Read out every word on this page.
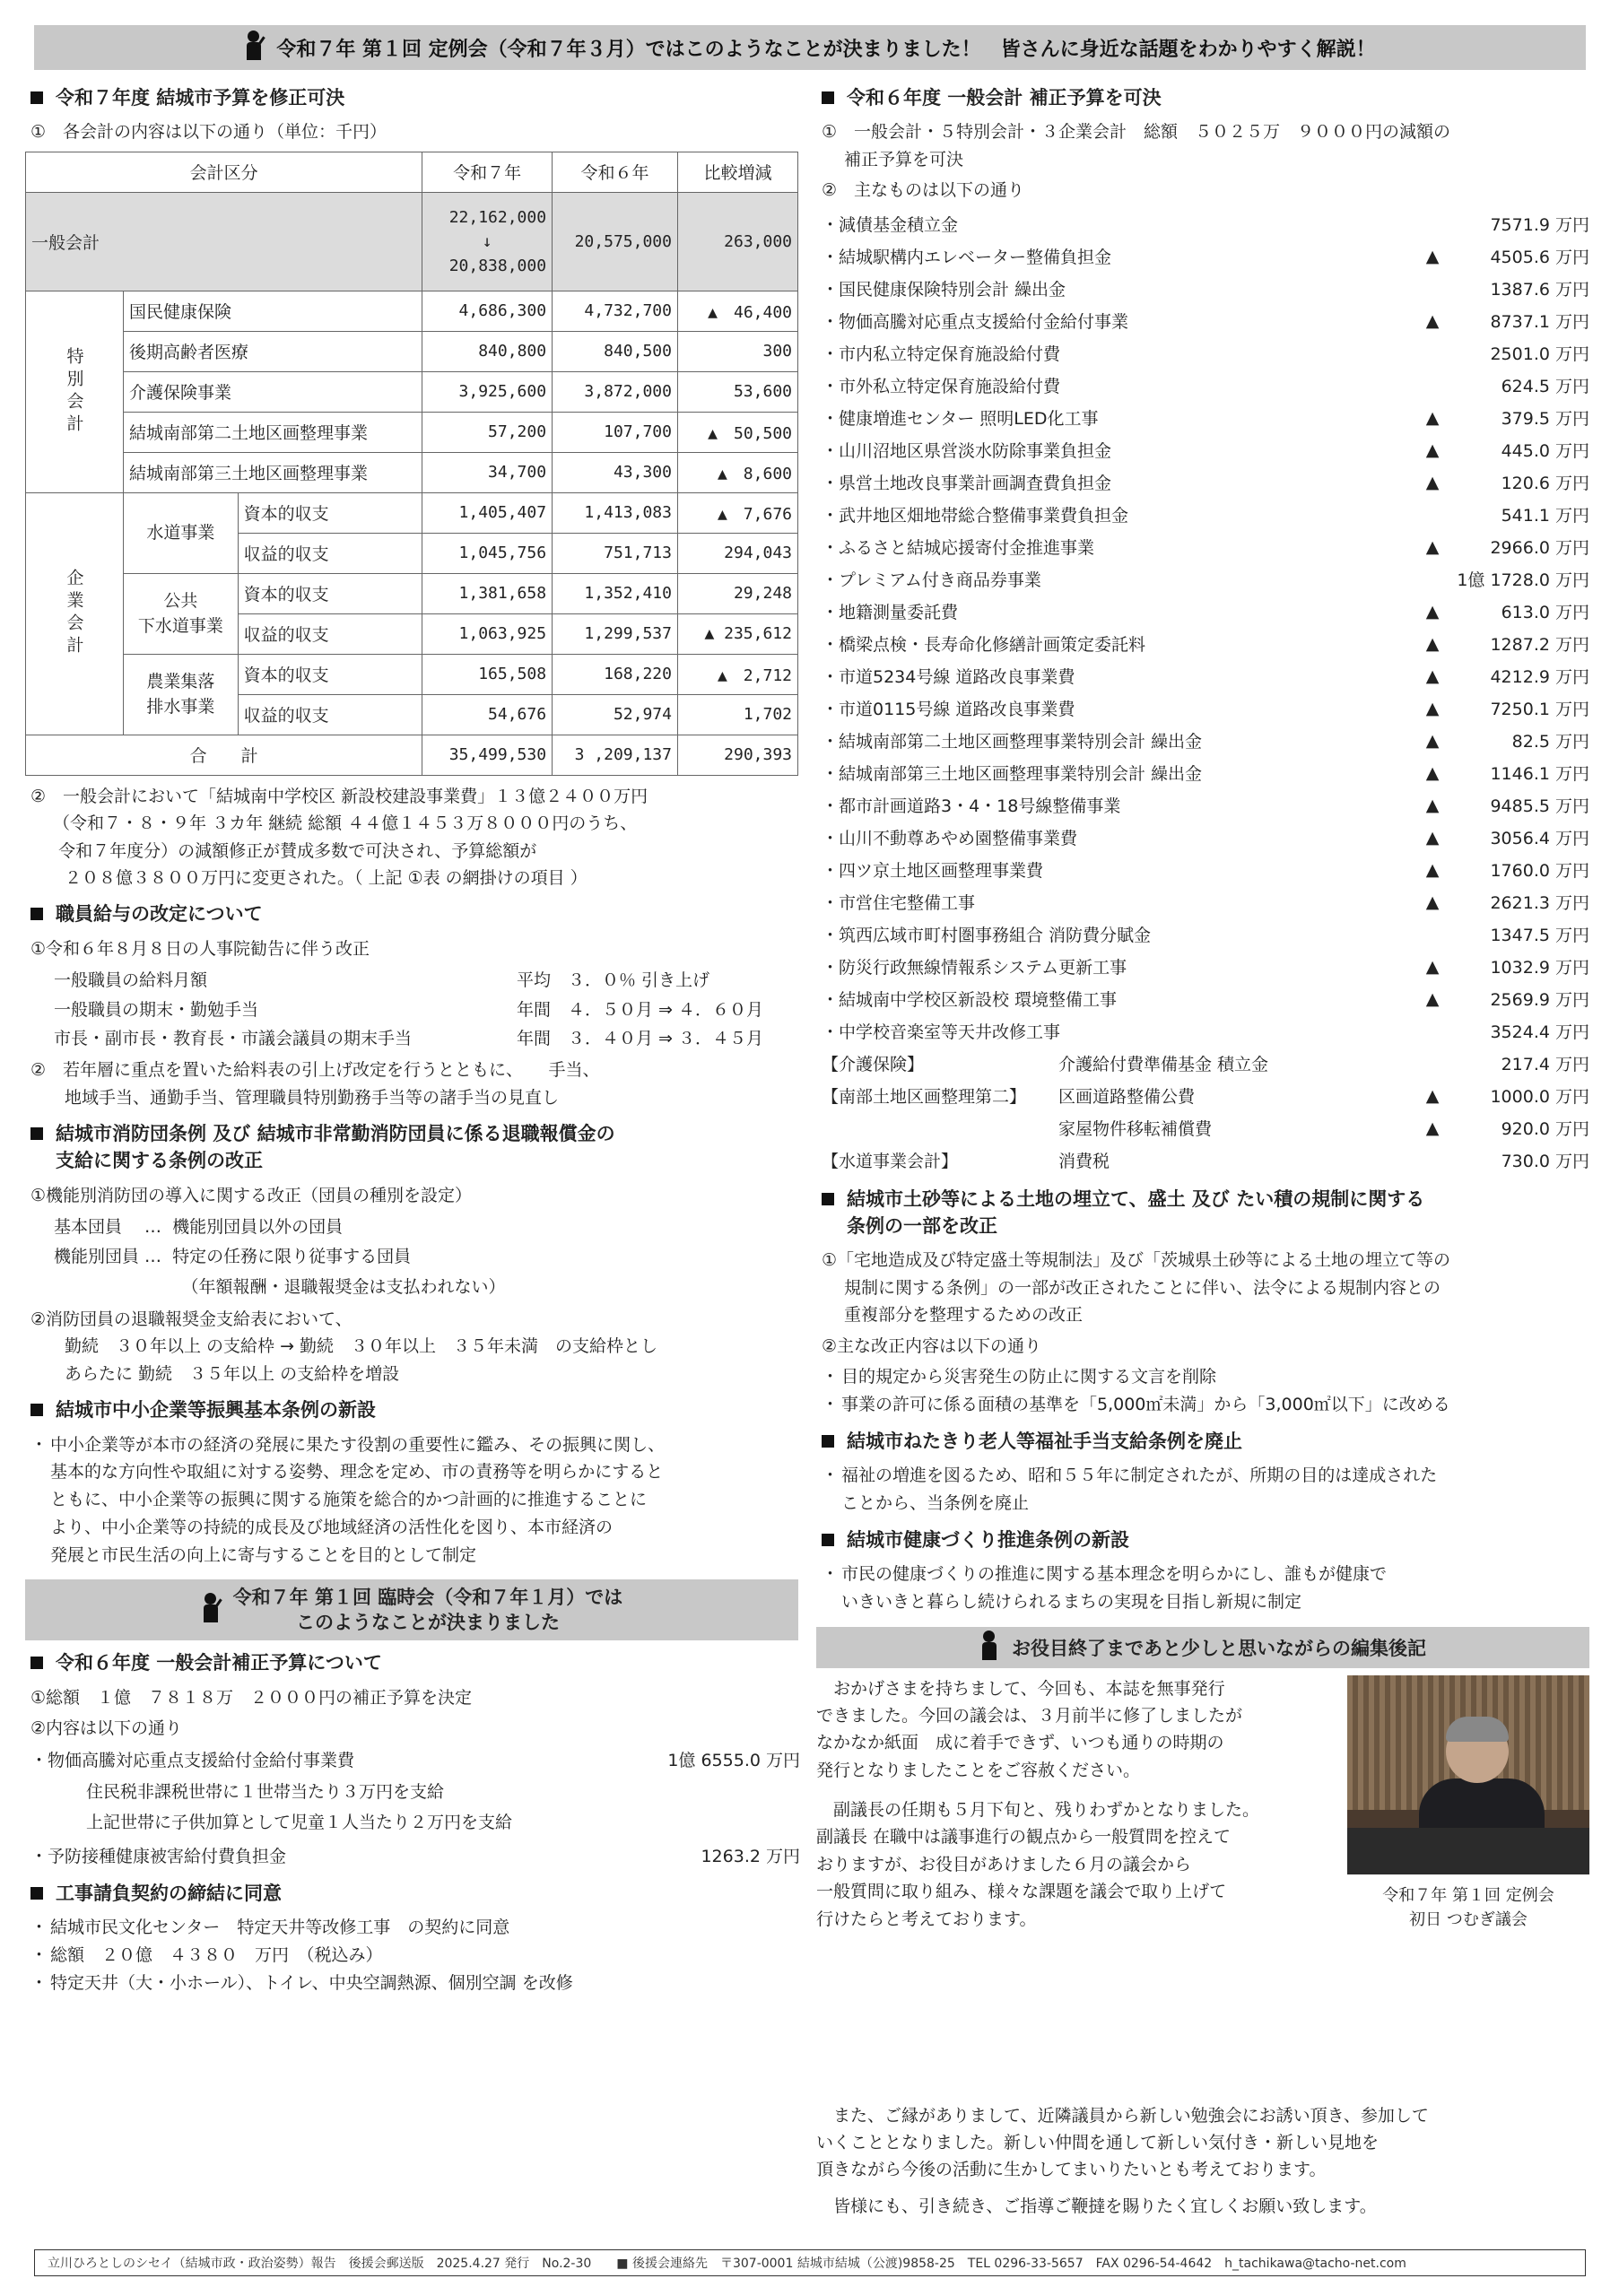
令和７年 第１回 定例会（令和７年３月）ではこのようなことが決まりました！　皆さんに身近な話題をわかりやすく解説！
令和７年度 結城市予算を修正可決
①　各会計の内容は以下の通り（単位：千円）
会計区分			令和７年	令和６年	比較増減
一般会計			22,162,000
↓
20,838,000	20,575,000	263,000
特別会計	国民健康保険		4,686,300	4,732,700	▲　46,400
	後期高齢者医療		840,800	840,500	300
	介護保険事業		3,925,600	3,872,000	53,600
	結城南部第二土地区画整理事業		57,200	107,700	▲　50,500
	結城南部第三土地区画整理事業		34,700	43,300	▲　8,600
企業会計	水道事業	資本的収支	1,405,407	1,413,083	▲　7,676
		収益的収支	1,045,756	751,713	294,043
	公共
下水道事業	資本的収支	1,381,658	1,352,410	29,248
		収益的収支	1,063,925	1,299,537	▲ 235,612
	農業集落
排水事業	資本的収支	165,508	168,220	▲　2,712
		収益的収支	54,676	52,974	1,702
合　　計			35,499,530	3 ,209,137	290,393
②　一般会計において「結城南中学校区 新設校建設事業費」１３億２４００万円
　 （令和７・８・９年 ３カ年 継続 総額 ４４億１４５３万８０００円のうち、
　  令和７年度分）の減額修正が賛成多数で可決され、予算総額が
　　２０８億３８００万円に変更された。（ 上記 ①表 の網掛けの項目 ）
職員給与の改定について
①令和６年８月８日の人事院勧告に伴う改正
一般職員の給料月額	平均　３．０％ 引き上げ
一般職員の期末・勤勉手当	年間　４．５０月 ⇒ ４．６０月
市長・副市長・教育長・市議会議員の期末手当	年間　３．４０月 ⇒ ３．４５月
②　若年層に重点を置いた給料表の引上げ改定を行うとともに、　　手当、
　　地域手当、通勤手当、管理職員特別勤務手当等の諸手当の見直し
結城市消防団条例 及び 結城市非常勤消防団員に係る退職報償金の
支給に関する条例の改正
①機能別消防団の導入に関する改正（団員の種別を設定）
基本団員　 …  機能別団員以外の団員
機能別団員 …  特定の任務に限り従事する団員
　　　　　　　　（年額報酬・退職報奨金は支払われない）
②消防団員の退職報奨金支給表において、
　　勤続　３０年以上 の支給枠 → 勤続　３０年以上　３５年未満　の支給枠とし
　　あらたに 勤続　３５年以上 の支給枠を増設
結城市中小企業等振興基本条例の新設
・ 中小企業等が本市の経済の発展に果たす役割の重要性に鑑み、その振興に関し、
基本的な方向性や取組に対する姿勢、理念を定め、市の責務等を明らかにすると
ともに、中小企業等の振興に関する施策を総合的かつ計画的に推進することに
より、中小企業等の持続的成長及び地域経済の活性化を図り、本市経済の
発展と市民生活の向上に寄与することを目的として制定
令和７年 第１回 臨時会（令和７年１月）では
このようなことが決まりました
令和６年度 一般会計補正予算について
①総額　１億　７８１８万　２０００円の補正予算を決定
②内容は以下の通り
・ 物価高騰対応重点支援給付金給付事業費	1億 6555.0 万円
住民税非課税世帯に１世帯当たり３万円を支給
上記世帯に子供加算として児童１人当たり２万円を支給
・ 予防接種健康被害給付費負担金	1263.2 万円
工事請負契約の締結に同意
・ 結城市民文化センター　特定天井等改修工事　の契約に同意
・ 総額　２０億　４３８０　万円　（税込み）
・ 特定天井（大・小ホール）、トイレ、中央空調熱源、個別空調 を改修
令和６年度 一般会計 補正予算を可決
①　一般会計・５特別会計・３企業会計　総額　５０２５万　９０００円の減額の
　 補正予算を可決
②　主なものは以下の通り
・減債基金積立金	7571.9 万円
・結城駅構内エレベーター整備負担金	▲	4505.6 万円
・国民健康保険特別会計 繰出金	1387.6 万円
・物価高騰対応重点支援給付金給付事業	▲	8737.1 万円
・市内私立特定保育施設給付費	2501.0 万円
・市外私立特定保育施設給付費	624.5 万円
・健康増進センター 照明LED化工事	▲	379.5 万円
・山川沼地区県営淡水防除事業負担金	▲	445.0 万円
・県営土地改良事業計画調査費負担金	▲	120.6 万円
・武井地区畑地帯総合整備事業費負担金	541.1 万円
・ふるさと結城応援寄付金推進事業	▲	2966.0 万円
・プレミアム付き商品券事業	1億 1728.0 万円
・地籍測量委託費	▲	613.0 万円
・橋梁点検・長寿命化修繕計画策定委託料	▲	1287.2 万円
・市道5234号線 道路改良事業費	▲	4212.9 万円
・市道0115号線 道路改良事業費	▲	7250.1 万円
・結城南部第二土地区画整理事業特別会計 繰出金	▲	82.5 万円
・結城南部第三土地区画整理事業特別会計 繰出金	▲	1146.1 万円
・都市計画道路3・4・18号線整備事業	▲	9485.5 万円
・山川不動尊あやめ園整備事業費	▲	3056.4 万円
・四ツ京土地区画整理事業費	▲	1760.0 万円
・市営住宅整備工事	▲	2621.3 万円
・筑西広域市町村圏事務組合 消防費分賦金	1347.5 万円
・防災行政無線情報系システム更新工事	▲	1032.9 万円
・結城南中学校区新設校 環境整備工事	▲	2569.9 万円
・中学校音楽室等天井改修工事	3524.4 万円
【介護保険】	介護給付費準備基金 積立金	217.4 万円
【南部土地区画整理第二】	区画道路整備公費	▲	1000.0 万円
家屋物件移転補償費	▲	920.0 万円
【水道事業会計】	消費税	730.0 万円
結城市土砂等による土地の埋立て、盛土 及び たい積の規制に関する
条例の一部を改正
①「宅地造成及び特定盛土等規制法」及び「茨城県土砂等による土地の埋立て等の
　 規制に関する条例」の一部が改正されたことに伴い、法令による規制内容との
　 重複部分を整理するための改正
②主な改正内容は以下の通り
・ 目的規定から災害発生の防止に関する文言を削除
・ 事業の許可に係る面積の基準を「5,000㎡未満」から「3,000㎡以下」に改める
結城市ねたきり老人等福祉手当支給条例を廃止
・ 福祉の増進を図るため、昭和５５年に制定されたが、所期の目的は達成された
ことから、当条例を廃止
結城市健康づくり推進条例の新設
・ 市民の健康づくりの推進に関する基本理念を明らかにし、誰もが健康で
いきいきと暮らし続けられるまちの実現を目指し新規に制定
お役目終了まであと少しと思いながらの編集後記
　おかげさまを持ちまして、今回も、本誌を無事発行
できました。今回の議会は、３月前半に修了しましたが
なかなか紙面　成に着手できず、いつも通りの時期の
発行となりましたことをご容赦ください。
　副議長の任期も５月下旬と、残りわずかとなりました。
副議長 在職中は議事進行の観点から一般質問を控えて
おりますが、お役目があけました６月の議会から
一般質問に取り組み、様々な課題を議会で取り上げて
行けたらと考えております。
令和７年 第１回 定例会
初日 つむぎ議会
　また、ご縁がありまして、近隣議員から新しい勉強会にお誘い頂き、参加して
いくこととなりました。新しい仲間を通して新しい気付き・新しい見地を
頂きながら今後の活動に生かしてまいりたいとも考えております。
　皆様にも、引き続き、ご指導ご鞭撻を賜りたく宜しくお願い致します。
立川ひろとしのシセイ（結城市政・政治姿勢）報告　後援会郵送版　2025.4.27 発行　No.2-30　　■ 後援会連絡先　〒307-0001 結城市結城（公渡)9858-25　TEL 0296-33-5657　FAX 0296-54-4642　h_tachikawa@tacho-net.com
